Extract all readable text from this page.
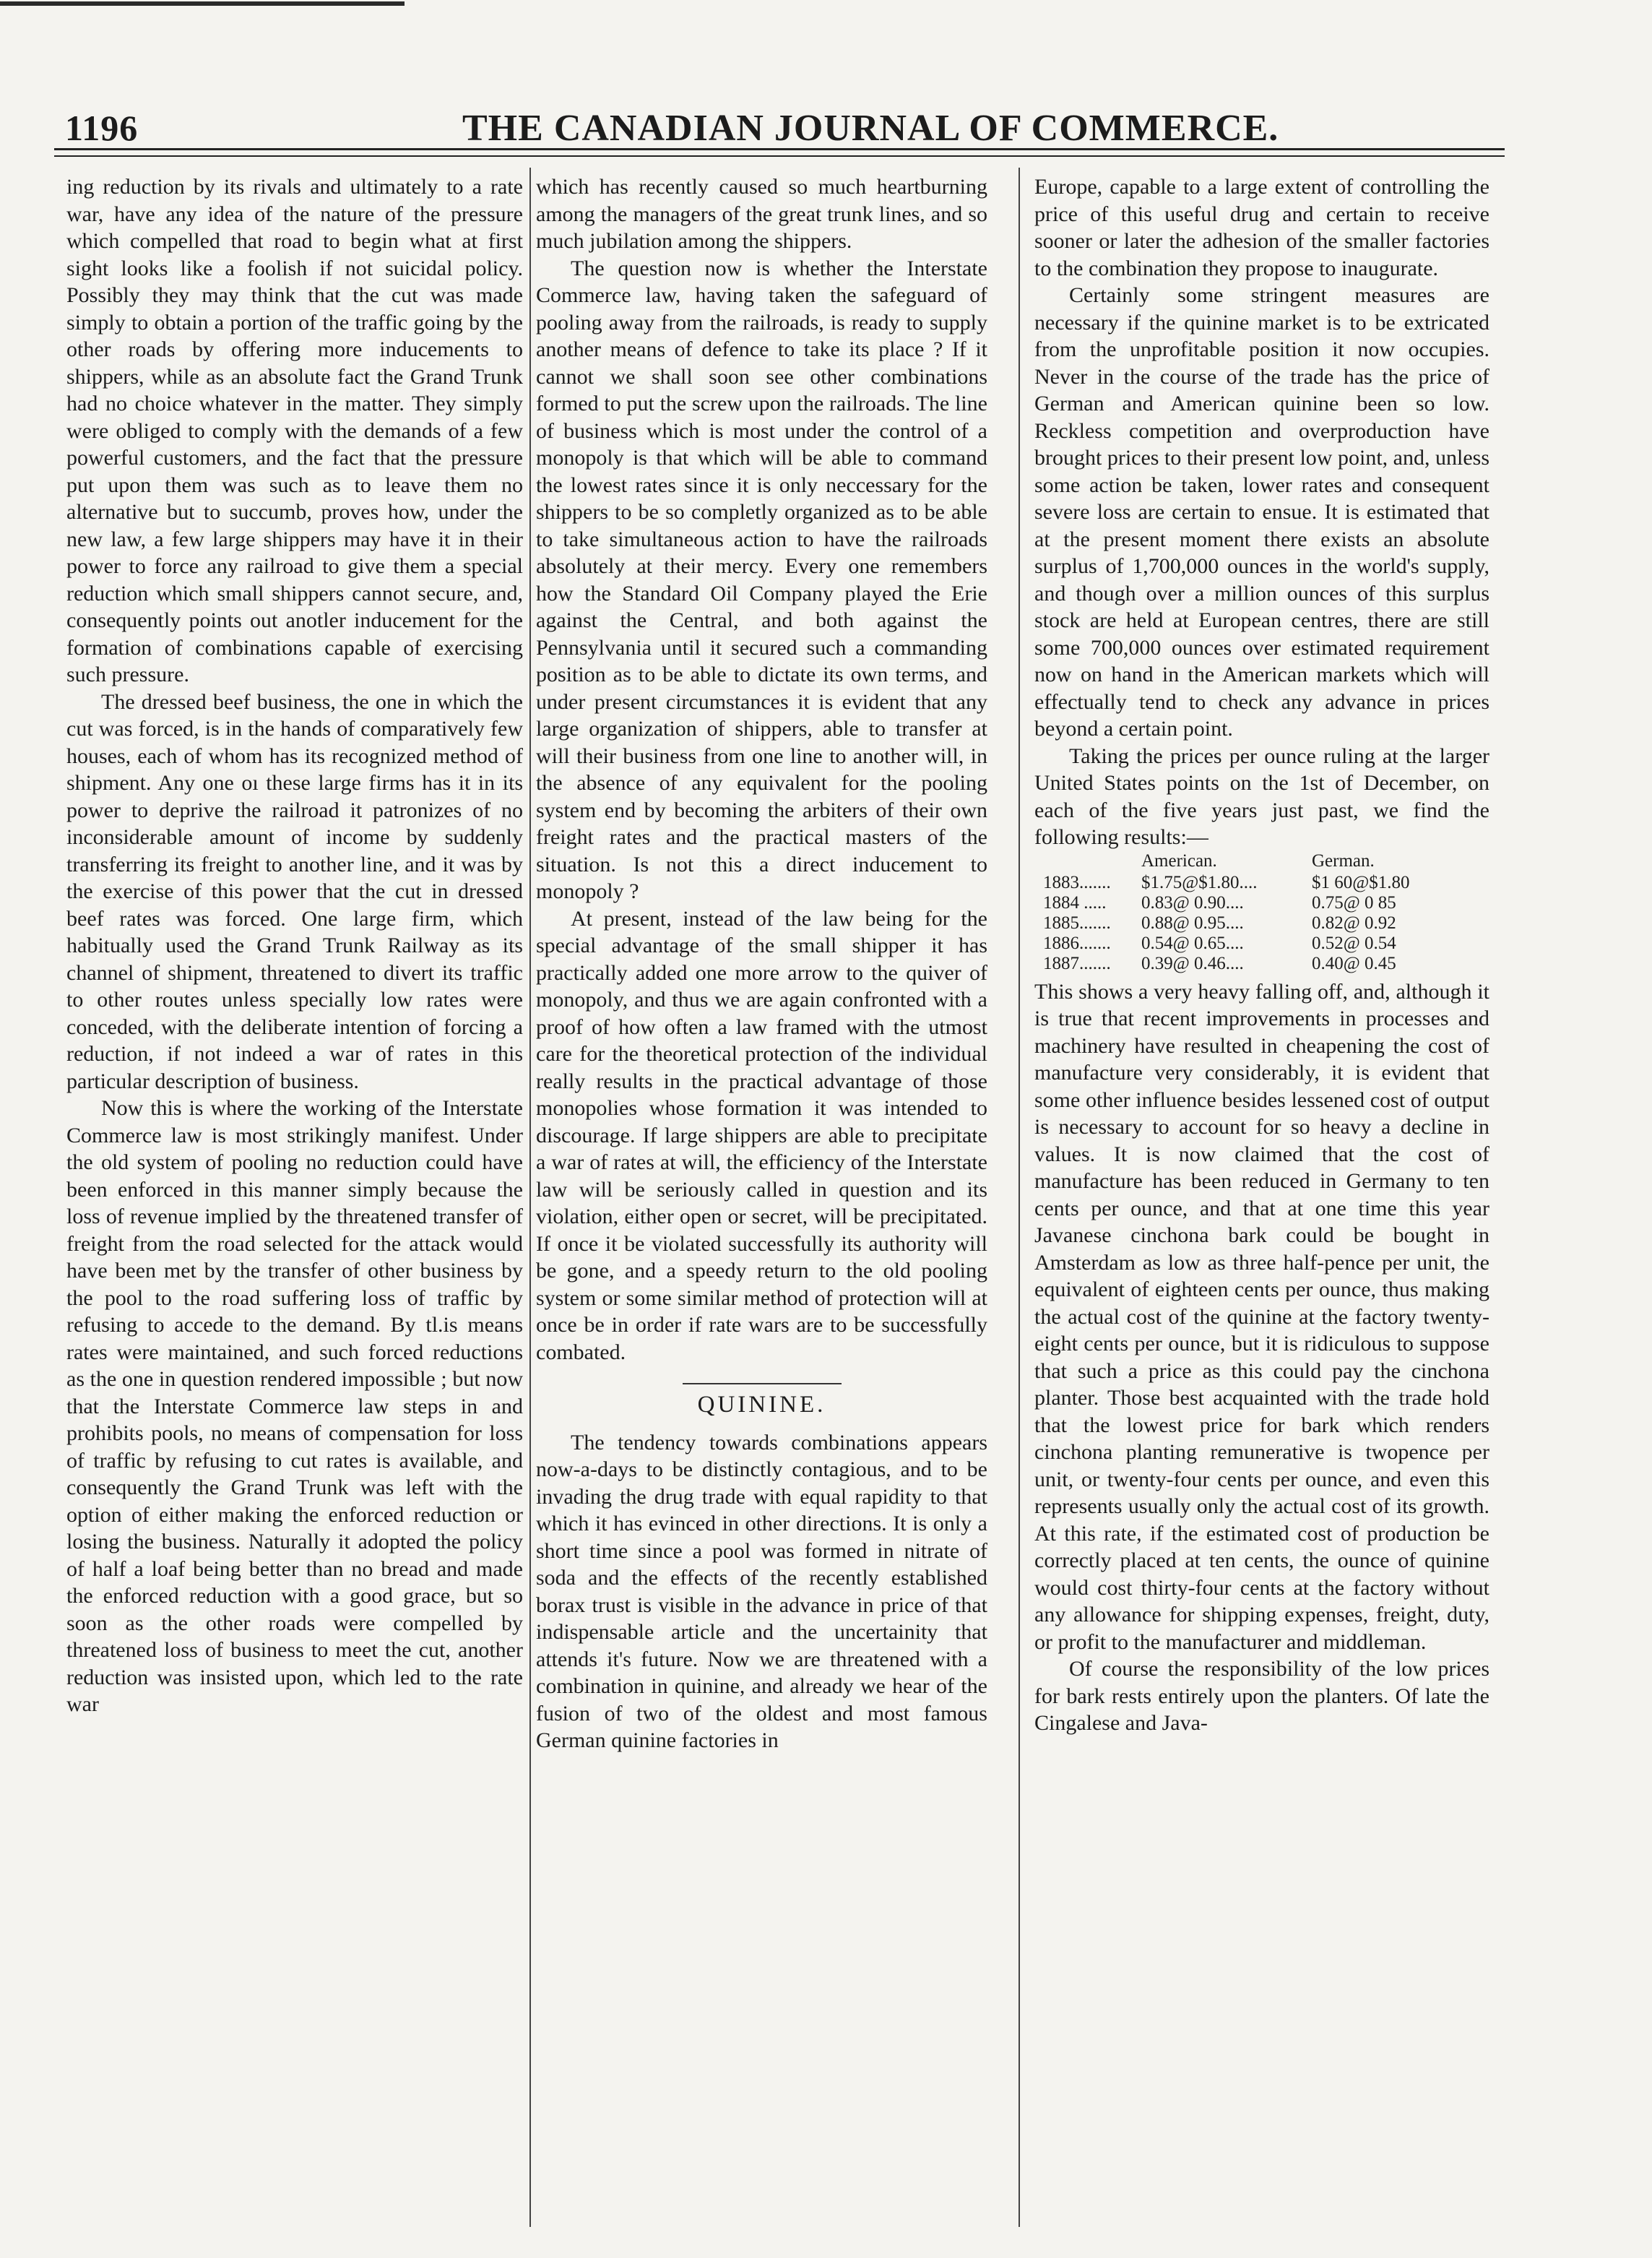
1196	THE CANADIAN JOURNAL OF COMMERCE.

ing reduction by its rivals and ultimately to a rate war, have any idea of the nature of the pressure which compelled that road to begin what at first sight looks like a foolish if not suicidal policy. Possibly they may think that the cut was made simply to obtain a portion of the traffic going by the other roads by offering more inducements to shippers, while as an absolute fact the Grand Trunk had no choice whatever in the matter. They simply were obliged to comply with the demands of a few powerful customers, and the fact that the pressure put upon them was such as to leave them no alternative but to succumb, proves how, under the new law, a few large shippers may have it in their power to force any railroad to give them a special reduction which small shippers cannot secure, and, consequently points out anotler inducement for the formation of combinations capable of exercising such pressure.

The dressed beef business, the one in which the cut was forced, is in the hands of comparatively few houses, each of whom has its recognized method of shipment. Any one oı these large firms has it in its power to deprive the railroad it patronizes of no inconsiderable amount of income by suddenly transferring its freight to another line, and it was by the exercise of this power that the cut in dressed beef rates was forced. One large firm, which habitually used the Grand Trunk Railway as its channel of shipment, threatened to divert its traffic to other routes unless specially low rates were conceded, with the deliberate intention of forcing a reduction, if not indeed a war of rates in this particular description of business.

Now this is where the working of the Interstate Commerce law is most strikingly manifest. Under the old system of pooling no reduction could have been enforced in this manner simply because the loss of revenue implied by the threatened transfer of freight from the road selected for the attack would have been met by the transfer of other business by the pool to the road suffering loss of traffic by refusing to accede to the demand. By tl.is means rates were maintained, and such forced reductions as the one in question rendered impossible ; but now that the Interstate Commerce law steps in and prohibits pools, no means of compensation for loss of traffic by refusing to cut rates is available, and consequently the Grand Trunk was left with the option of either making the enforced reduction or losing the business. Naturally it adopted the policy of half a loaf being better than no bread and made the enforced reduction with a good grace, but so soon as the other roads were compelled by threatened loss of business to meet the cut, another reduction was insisted upon, which led to the rate war

which has recently caused so much heartburning among the managers of the great trunk lines, and so much jubilation among the shippers.

The question now is whether the Interstate Commerce law, having taken the safeguard of pooling away from the railroads, is ready to supply another means of defence to take its place ? If it cannot we shall soon see other combinations formed to put the screw upon the railroads. The line of business which is most under the control of a monopoly is that which will be able to command the lowest rates since it is only neccessary for the shippers to be so completly organized as to be able to take simultaneous action to have the railroads absolutely at their mercy. Every one remembers how the Standard Oil Company played the Erie against the Central, and both against the Pennsylvania until it secured such a commanding position as to be able to dictate its own terms, and under present circumstances it is evident that any large organization of shippers, able to transfer at will their business from one line to another will, in the absence of any equivalent for the pooling system end by becoming the arbiters of their own freight rates and the practical masters of the situation. Is not this a direct inducement to monopoly ?

At present, instead of the law being for the special advantage of the small shipper it has practically added one more arrow to the quiver of monopoly, and thus we are again confronted with a proof of how often a law framed with the utmost care for the theoretical protection of the individual really results in the practical advantage of those monopolies whose formation it was intended to discourage. If large shippers are able to precipitate a war of rates at will, the efficiency of the Interstate law will be seriously called in question and its violation, either open or secret, will be precipitated. If once it be violated successfully its authority will be gone, and a speedy return to the old pooling system or some similar method of protection will at once be in order if rate wars are to be successfully combated.

QUININE.

The tendency towards combinations appears now-a-days to be distinctly contagious, and to be invading the drug trade with equal rapidity to that which it has evinced in other directions. It is only a short time since a pool was formed in nitrate of soda and the effects of the recently established borax trust is visible in the advance in price of that indispensable article and the uncertainity that attends it's future. Now we are threatened with a combination in quinine, and already we hear of the fusion of two of the oldest and most famous German quinine factories in

Europe, capable to a large extent of controlling the price of this useful drug and certain to receive sooner or later the adhesion of the smaller factories to the combination they propose to inaugurate.

Certainly some stringent measures are necessary if the quinine market is to be extricated from the unprofitable position it now occupies. Never in the course of the trade has the price of German and American quinine been so low. Reckless competition and overproduction have brought prices to their present low point, and, unless some action be taken, lower rates and consequent severe loss are certain to ensue. It is estimated that at the present moment there exists an absolute surplus of 1,700,000 ounces in the world's supply, and though over a million ounces of this surplus stock are held at European centres, there are still some 700,000 ounces over estimated requirement now on hand in the American markets which will effectually tend to check any advance in prices beyond a certain point.

Taking the prices per ounce ruling at the larger United States points on the 1st of December, on each of the five years just past, we find the following results:—

	American.	German.
1883.......	$1.75@$1.80....	$1 60@$1.80
1884 .....	0.83@ 0.90....	0.75@ 0 85
1885.......	0.88@ 0.95....	0.82@ 0.92
1886.......	0.54@ 0.65....	0.52@ 0.54
1887.......	0.39@ 0.46....	0.40@ 0.45

This shows a very heavy falling off, and, although it is true that recent improvements in processes and machinery have resulted in cheapening the cost of manufacture very considerably, it is evident that some other influence besides lessened cost of output is necessary to account for so heavy a decline in values. It is now claimed that the cost of manufacture has been reduced in Germany to ten cents per ounce, and that at one time this year Javanese cinchona bark could be bought in Amsterdam as low as three half-pence per unit, the equivalent of eighteen cents per ounce, thus making the actual cost of the quinine at the factory twenty-eight cents per ounce, but it is ridiculous to suppose that such a price as this could pay the cinchona planter. Those best acquainted with the trade hold that the lowest price for bark which renders cinchona planting remunerative is twopence per unit, or twenty-four cents per ounce, and even this represents usually only the actual cost of its growth. At this rate, if the estimated cost of production be correctly placed at ten cents, the ounce of quinine would cost thirty-four cents at the factory without any allowance for shipping expenses, freight, duty, or profit to the manufacturer and middleman.

Of course the responsibility of the low prices for bark rests entirely upon the planters. Of late the Cingalese and Java-
